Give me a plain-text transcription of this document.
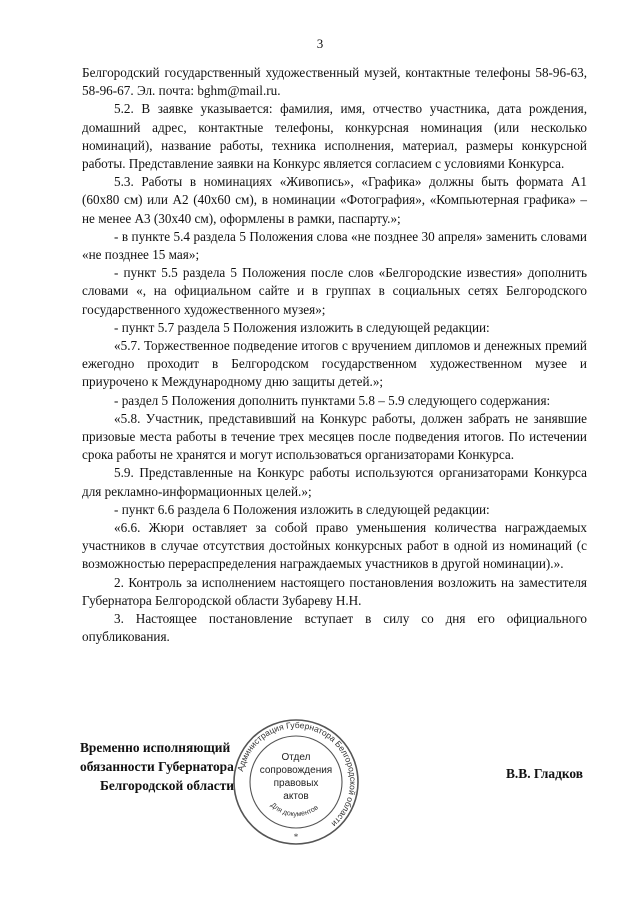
3

Белгородский государственный художественный музей, контактные телефоны 58-96-63, 58-96-67. Эл. почта: bghm@mail.ru.

5.2. В заявке указывается: фамилия, имя, отчество участника, дата рождения, домашний адрес, контактные телефоны, конкурсная номинация (или несколько номинаций), название работы, техника исполнения, материал, размеры конкурсной работы. Представление заявки на Конкурс является согласием с условиями Конкурса.

5.3. Работы в номинациях «Живопись», «Графика» должны быть формата А1 (60х80 см) или А2 (40х60 см), в номинации «Фотография», «Компьютерная графика» – не менее А3 (30х40 см), оформлены в рамки, паспарту.»;

- в пункте 5.4 раздела 5 Положения слова «не позднее 30 апреля» заменить словами «не позднее 15 мая»;

- пункт 5.5 раздела 5 Положения после слов «Белгородские известия» дополнить словами «, на официальном сайте и в группах в социальных сетях Белгородского государственного художественного музея»;

- пункт 5.7 раздела 5 Положения изложить в следующей редакции:

«5.7. Торжественное подведение итогов с вручением дипломов и денежных премий ежегодно проходит в Белгородском государственном художественном музее и приурочено к Международному дню защиты детей.»;

- раздел 5 Положения дополнить пунктами 5.8 – 5.9 следующего содержания:

«5.8. Участник, представивший на Конкурс работы, должен забрать не занявшие призовые места работы в течение трех месяцев после подведения итогов. По истечении срока работы не хранятся и могут использоваться организаторами Конкурса.

5.9. Представленные на Конкурс работы используются организаторами Конкурса для рекламно-информационных целей.»;

- пункт 6.6 раздела 6 Положения изложить в следующей редакции:

«6.6. Жюри оставляет за собой право уменьшения количества награждаемых участников в случае отсутствия достойных конкурсных работ в одной из номинаций (с возможностью перераспределения награждаемых участников в другой номинации).».

2. Контроль за исполнением настоящего постановления возложить на заместителя Губернатора Белгородской области Зубареву Н.Н.

3. Настоящее постановление вступает в силу со дня его официального опубликования.

Временно исполняющий
обязанности Губернатора
Белгородской области
В.В. Гладков
Администрация Губернатора Белгородской области
Для документов
*
Отдел
сопровождения
правовых
актов
